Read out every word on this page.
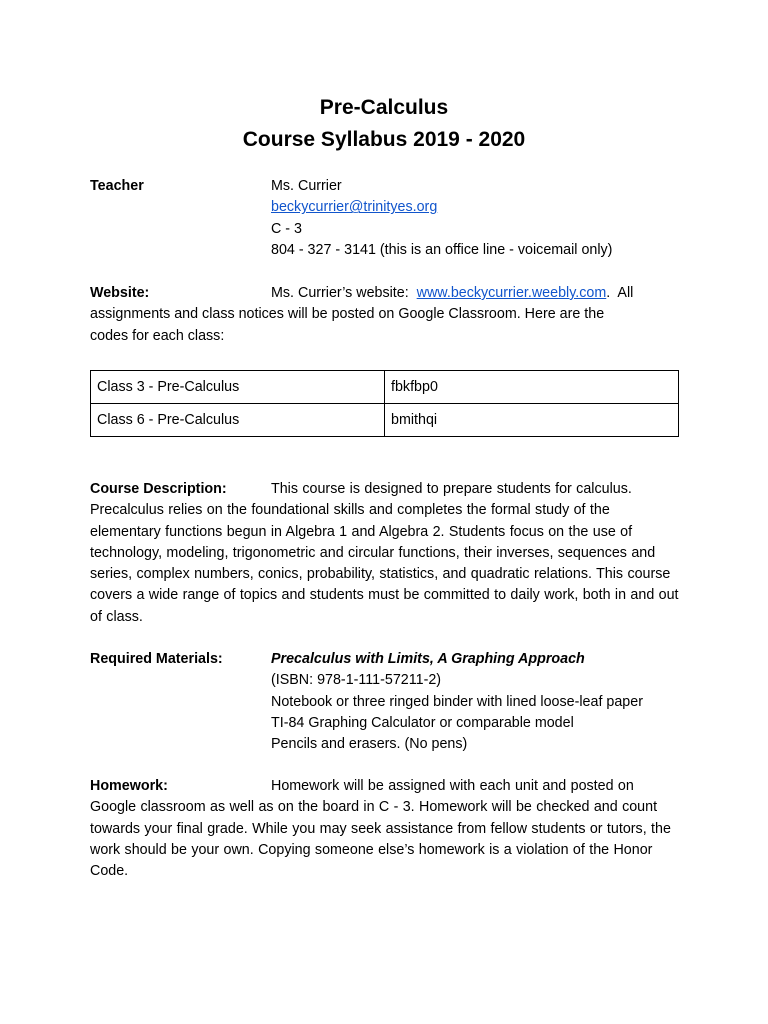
Pre-Calculus
Course Syllabus 2019 - 2020
Teacher	Ms. Currier
beckycurrier@trinityes.org
C - 3
804 - 327 - 3141 (this is an office line - voicemail only)
Website:	Ms. Currier’s website:  www.beckycurrier.weebly.com.  All
assignments and class notices will be posted on Google Classroom. Here are the
codes for each class:
Class 3 - Pre-Calculus	fbkfbp0
Class 6 - Pre-Calculus	bmithqi
Course Description:	This course is designed to prepare students for calculus. Precalculus relies on the foundational skills and completes the formal study of the elementary functions begun in Algebra 1 and Algebra 2. Students focus on the use of technology, modeling, trigonometric and circular functions, their inverses, sequences and series, complex numbers, conics, probability, statistics, and quadratic relations. This course covers a wide range of topics and students must be committed to daily work, both in and out of class.
Required Materials:	Precalculus with Limits, A Graphing Approach
(ISBN: 978-1-111-57211-2)
Notebook or three ringed binder with lined loose-leaf paper
TI-84 Graphing Calculator or comparable model
Pencils and erasers. (No pens)
Homework:	Homework will be assigned with each unit and posted on Google classroom as well as on the board in C - 3. Homework will be checked and count towards your final grade. While you may seek assistance from fellow students or tutors, the work should be your own. Copying someone else’s homework is a violation of the Honor Code.
